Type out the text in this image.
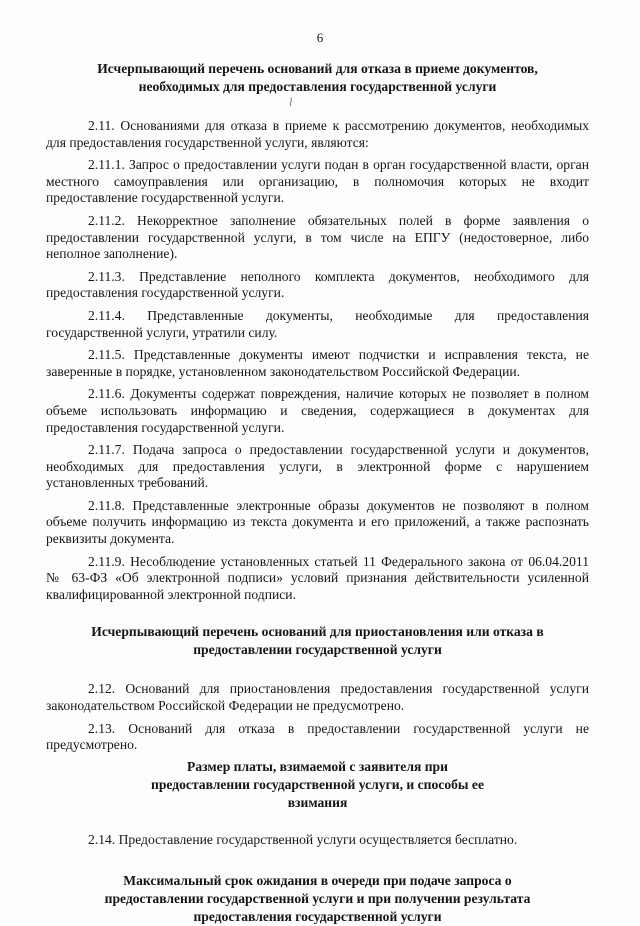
6
⌇
Исчерпывающий перечень оснований для отказа в приеме документов, необходимых для предоставления государственной услуги

2.11. Основаниями для отказа в приеме к рассмотрению документов, необходимых для предоставления государственной услуги, являются:

2.11.1. Запрос о предоставлении услуги подан в орган государственной власти, орган местного самоуправления или организацию, в полномочия которых не входит предоставление государственной услуги.

2.11.2. Некорректное заполнение обязательных полей в форме заявления о предоставлении государственной услуги, в том числе на ЕПГУ (недостоверное, либо неполное заполнение).

2.11.3. Представление неполного комплекта документов, необходимого для предоставления государственной услуги.

2.11.4. Представленные документы, необходимые для предоставления государственной услуги, утратили силу.

2.11.5. Представленные документы имеют подчистки и исправления текста, не заверенные в порядке, установленном законодательством Российской Федерации.

2.11.6. Документы содержат повреждения, наличие которых не позволяет в полном объеме использовать информацию и сведения, содержащиеся в документах для предоставления государственной услуги.

2.11.7. Подача запроса о предоставлении государственной услуги и документов, необходимых для предоставления услуги, в электронной форме с нарушением установленных требований.

2.11.8. Представленные электронные образы документов не позволяют в полном объеме получить информацию из текста документа и его приложений, а также распознать реквизиты документа.

2.11.9. Несоблюдение установленных статьей 11 Федерального закона от 06.04.2011 № 63-ФЗ «Об электронной подписи» условий признания действительности усиленной квалифицированной электронной подписи.

Исчерпывающий перечень оснований для приостановления или отказа в предоставлении государственной услуги

2.12. Оснований для приостановления предоставления государственной услуги законодательством Российской Федерации не предусмотрено.

2.13. Оснований для отказа в предоставлении государственной услуги не предусмотрено.

Размер платы, взимаемой с заявителя при предоставлении государственной услуги, и способы ее взимания

2.14. Предоставление государственной услуги осуществляется бесплатно.

Максимальный срок ожидания в очереди при подаче запроса о предоставлении государственной услуги и при получении результата предоставления государственной услуги
